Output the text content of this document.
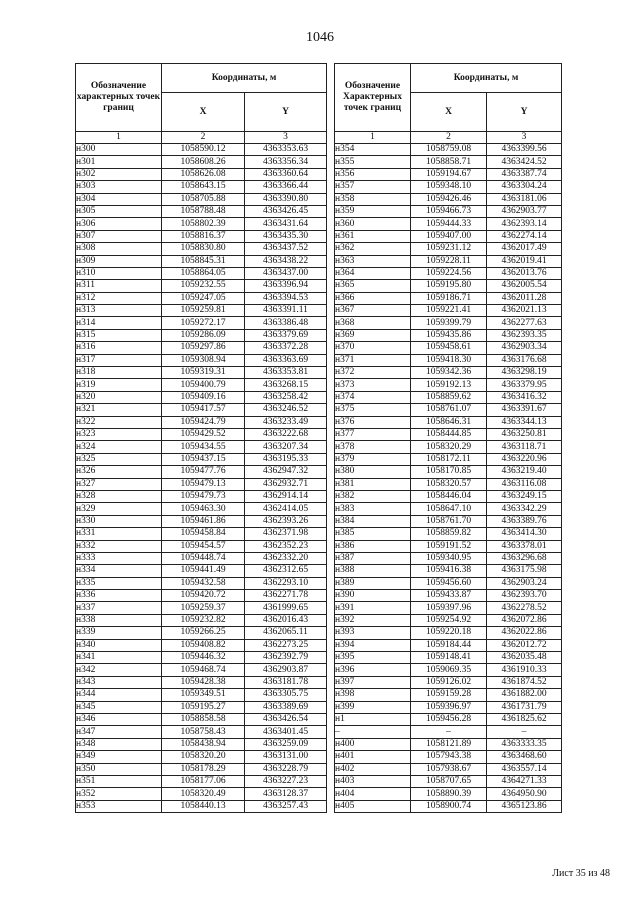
1046
Обозначение характерных точек границ	Координаты, м	
	X	Y
1	2	3
н300	1058590.12	4363353.63
н301	1058608.26	4363356.34
н302	1058626.08	4363360.64
н303	1058643.15	4363366.44
н304	1058705.88	4363390.80
н305	1058788.48	4363426.45
н306	1058802.39	4363431.64
н307	1058816.37	4363435.30
н308	1058830.80	4363437.52
н309	1058845.31	4363438.22
н310	1058864.05	4363437.00
н311	1059232.55	4363396.94
н312	1059247.05	4363394.53
н313	1059259.81	4363391.11
н314	1059272.17	4363386.48
н315	1059286.09	4363379.69
н316	1059297.86	4363372.28
н317	1059308.94	4363363.69
н318	1059319.31	4363353.81
н319	1059400.79	4363268.15
н320	1059409.16	4363258.42
н321	1059417.57	4363246.52
н322	1059424.79	4363233.49
н323	1059429.52	4363222.68
н324	1059434.55	4363207.34
н325	1059437.15	4363195.33
н326	1059477.76	4362947.32
н327	1059479.13	4362932.71
н328	1059479.73	4362914.14
н329	1059463.30	4362414.05
н330	1059461.86	4362393.26
н331	1059458.84	4362371.98
н332	1059454.57	4362352.23
н333	1059448.74	4362332.20
н334	1059441.49	4362312.65
н335	1059432.58	4362293.10
н336	1059420.72	4362271.78
н337	1059259.37	4361999.65
н338	1059232.82	4362016.43
н339	1059266.25	4362065.11
н340	1059408.82	4362273.25
н341	1059446.32	4362392.79
н342	1059468.74	4362903.87
н343	1059428.38	4363181.78
н344	1059349.51	4363305.75
н345	1059195.27	4363389.69
н346	1058858.58	4363426.54
н347	1058758.43	4363401.45
н348	1058438.94	4363259.09
н349	1058320.20	4363131.00
н350	1058178.29	4363228.79
н351	1058177.06	4363227.23
н352	1058320.49	4363128.37
н353	1058440.13	4363257.43
Обозначение Характерных точек границ	Координаты, м	
	X	Y
1	2	3
н354	1058759.08	4363399.56
н355	1058858.71	4363424.52
н356	1059194.67	4363387.74
н357	1059348.10	4363304.24
н358	1059426.46	4363181.06
н359	1059466.73	4362903.77
н360	1059444.33	4362393.14
н361	1059407.00	4362274.14
н362	1059231.12	4362017.49
н363	1059228.11	4362019.41
н364	1059224.56	4362013.76
н365	1059195.80	4362005.54
н366	1059186.71	4362011.28
н367	1059221.41	4362021.13
н368	1059399.79	4362277.63
н369	1059435.86	4362393.35
н370	1059458.61	4362903.34
н371	1059418.30	4363176.68
н372	1059342.36	4363298.19
н373	1059192.13	4363379.95
н374	1058859.62	4363416.32
н375	1058761.07	4363391.67
н376	1058646.31	4363344.13
н377	1058444.85	4363250.81
н378	1058320.29	4363118.71
н379	1058172.11	4363220.96
н380	1058170.85	4363219.40
н381	1058320.57	4363116.08
н382	1058446.04	4363249.15
н383	1058647.10	4363342.29
н384	1058761.70	4363389.76
н385	1058859.82	4363414.30
н386	1059191.52	4363378.01
н387	1059340.95	4363296.68
н388	1059416.38	4363175.98
н389	1059456.60	4362903.24
н390	1059433.87	4362393.70
н391	1059397.96	4362278.52
н392	1059254.92	4362072.86
н393	1059220.18	4362022.86
н394	1059184.44	4362012.72
н395	1059148.41	4362035.48
н396	1059069.35	4361910.33
н397	1059126.02	4361874.52
н398	1059159.28	4361882.00
н399	1059396.97	4361731.79
н1	1059456.28	4361825.62
–	–	–
н400	1058121.89	4363333.35
н401	1057943.38	4363468.60
н402	1057938.67	4363557.14
н403	1058707.65	4364271.33
н404	1058890.39	4364950.90
н405	1058900.74	4365123.86
Лист 35 из 48
